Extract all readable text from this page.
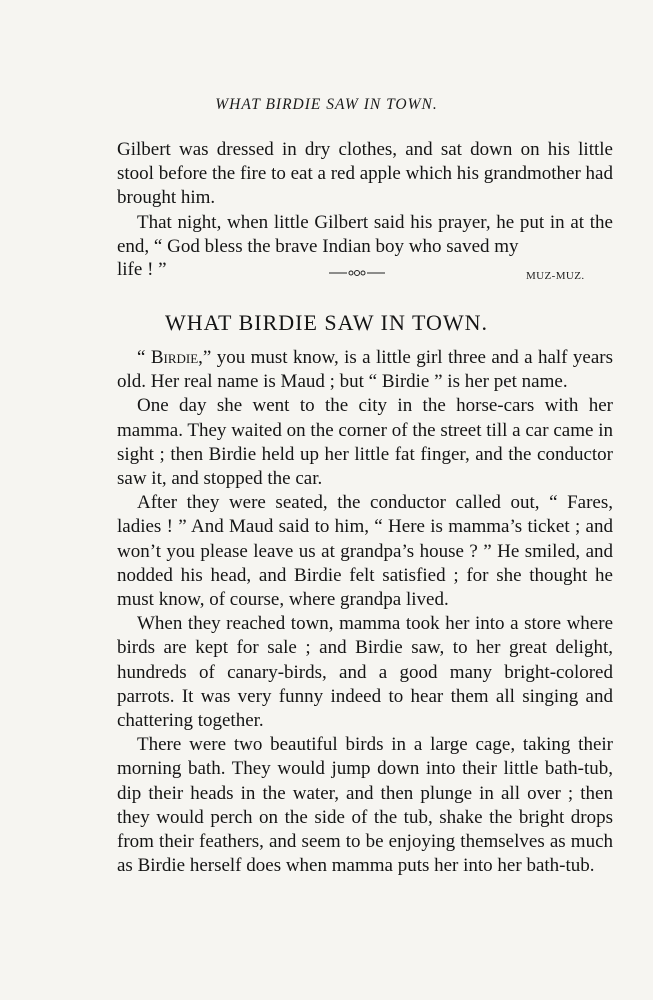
WHAT BIRDIE SAW IN TOWN.

Gilbert was dressed in dry clothes, and sat down on his little stool before the fire to eat a red apple which his grandmother had brought him.

That night, when little Gilbert said his prayer, he put in at the end, “ God bless the brave Indian boy who saved my

life ! ”	MUZ-MUZ.
WHAT BIRDIE SAW IN TOWN.

“ Birdie,” you must know, is a little girl three and a half years old. Her real name is Maud ; but “ Birdie ” is her pet name.

One day she went to the city in the horse-cars with her mamma. They waited on the corner of the street till a car came in sight ; then Birdie held up her little fat finger, and the conductor saw it, and stopped the car.

After they were seated, the conductor called out, “ Fares, ladies ! ” And Maud said to him, “ Here is mamma’s ticket ; and won’t you please leave us at grandpa’s house ? ” He smiled, and nodded his head, and Birdie felt satisfied ; for she thought he must know, of course, where grandpa lived.

When they reached town, mamma took her into a store where birds are kept for sale ; and Birdie saw, to her great delight, hundreds of canary-birds, and a good many bright-colored parrots. It was very funny indeed to hear them all singing and chattering together.

There were two beautiful birds in a large cage, taking their morning bath. They would jump down into their little bath-tub, dip their heads in the water, and then plunge in all over ; then they would perch on the side of the tub, shake the bright drops from their feathers, and seem to be enjoying themselves as much as Birdie herself does when mamma puts her into her bath-tub.
